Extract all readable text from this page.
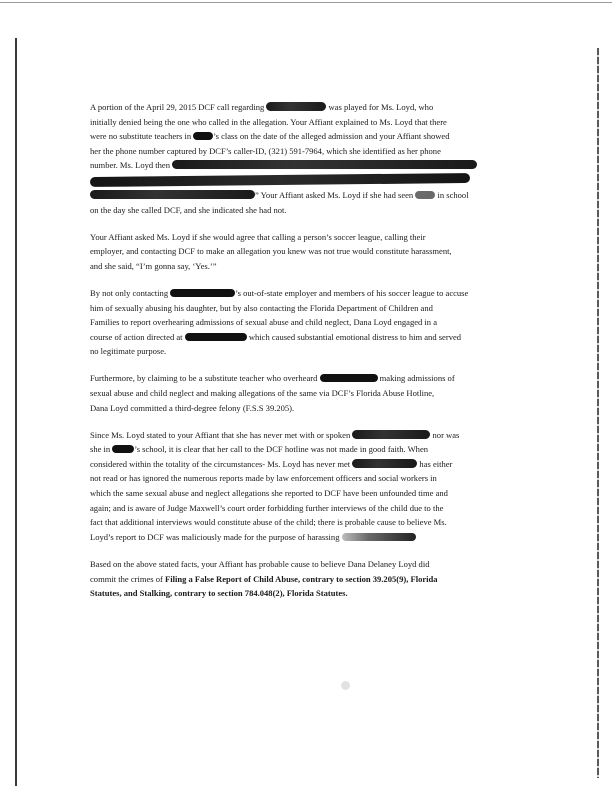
A portion of the April 29, 2015 DCF call regarding	was played for Ms. Loyd, who
initially denied being the one who called in the allegation. Your Affiant explained to Ms. Loyd that there
were no substitute teachers in	’s class on the date of the alleged admission and your Affiant showed
her the phone number captured by DCF’s caller-ID, (321) 591-7964, which she identified as her phone
number. Ms. Loyd then
” Your Affiant asked Ms. Loyd if she had seen	in school
on the day she called DCF, and she indicated she had not.
Your Affiant asked Ms. Loyd if she would agree that calling a person’s soccer league, calling their
employer, and contacting DCF to make an allegation you knew was not true would constitute harassment,
and she said, “I’m gonna say, ‘Yes.’”
By not only contacting	’s out-of-state employer and members of his soccer league to accuse
him of sexually abusing his daughter, but by also contacting the Florida Department of Children and
Families to report overhearing admissions of sexual abuse and child neglect, Dana Loyd engaged in a
course of action directed at	which caused substantial emotional distress to him and served
no legitimate purpose.
Furthermore, by claiming to be a substitute teacher who overheard	making admissions of
sexual abuse and child neglect and making allegations of the same via DCF’s Florida Abuse Hotline,
Dana Loyd committed a third-degree felony (F.S.S 39.205).
Since Ms. Loyd stated to your Affiant that she has never met with or spoken	nor was
she in	’s school, it is clear that her call to the DCF hotline was not made in good faith. When
considered within the totality of the circumstances- Ms. Loyd has never met	has either
not read or has ignored the numerous reports made by law enforcement officers and social workers in
which the same sexual abuse and neglect allegations she reported to DCF have been unfounded time and
again; and is aware of Judge Maxwell’s court order forbidding further interviews of the child due to the
fact that additional interviews would constitute abuse of the child; there is probable cause to believe Ms.
Loyd’s report to DCF was maliciously made for the purpose of harassing
Based on the above stated facts, your Affiant has probable cause to believe Dana Delaney Loyd did
commit the crimes of Filing a False Report of Child Abuse, contrary to section 39.205(9), Florida
Statutes, and Stalking, contrary to section 784.048(2), Florida Statutes.
